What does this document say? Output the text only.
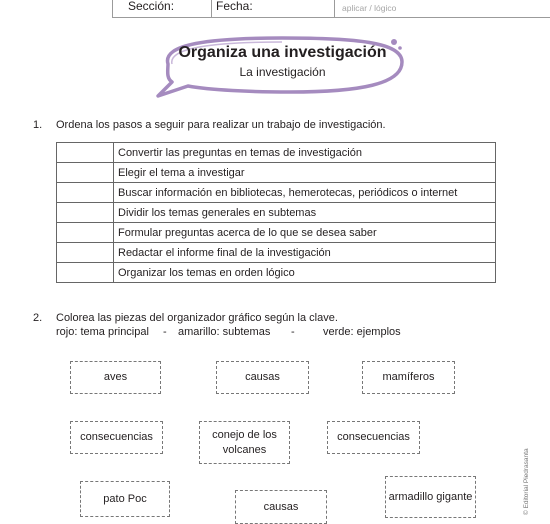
Sección:	Fecha:	aplicar / lógico
Organiza una investigación
La investigación
1. Ordena los pasos a seguir para realizar un trabajo de investigación.
	Convertir las preguntas en temas de investigación
	Elegir el tema a investigar
	Buscar información en bibliotecas, hemerotecas, periódicos o internet
	Dividir los temas generales en subtemas
	Formular preguntas acerca de lo que se desea saber
	Redactar el informe final de la investigación
	Organizar los temas en orden lógico
2. Colorea las piezas del organizador gráfico según la clave.
rojo: tema principal - amarillo: subtemas -	verde: ejemplos
aves	causas	mamíferos
consecuencias	conejo de los volcanes
consecuencias
pato Poc
causas
armadillo gigante	© Editorial Piedrasanta
